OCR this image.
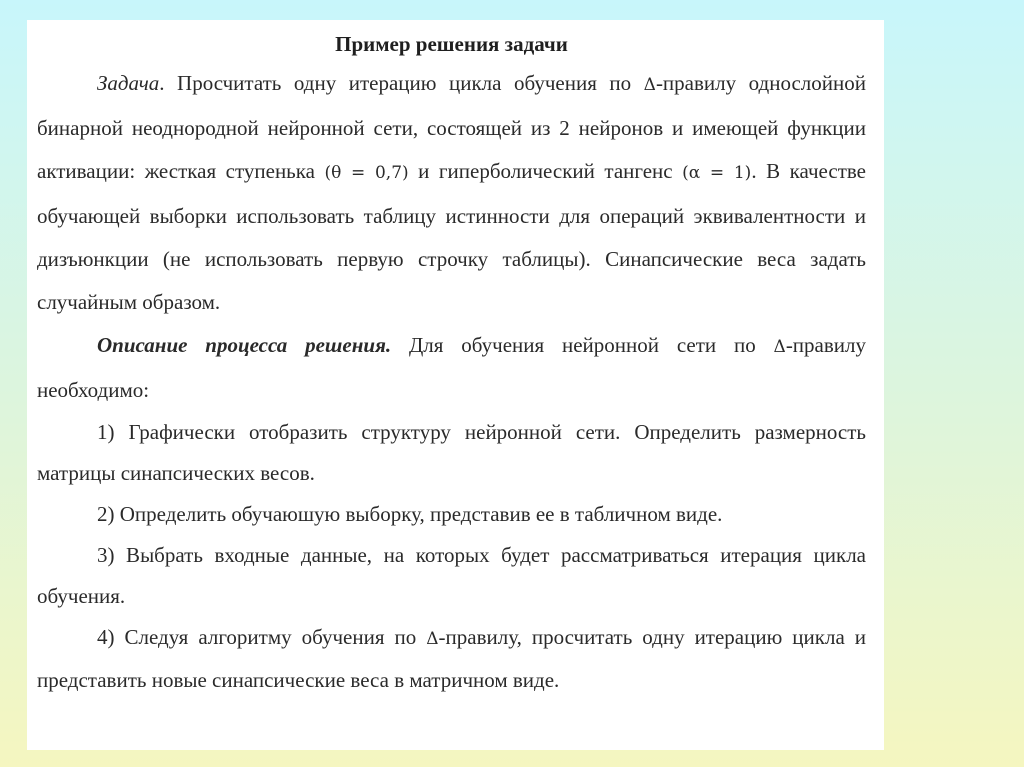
Пример решения задачи

Задача. Просчитать одну итерацию цикла обучения по Δ-правилу однослойной бинарной неоднородной нейронной сети, состоящей из 2 нейронов и имеющей функции активации: жесткая ступенька (θ = 0,7) и гиперболический тангенс (α = 1). В качестве обучающей выборки использовать таблицу истинности для операций эквивалентности и дизъюнкции (не использовать первую строчку таблицы). Синапсические веса задать случайным образом.

Описание процесса решения. Для обучения нейронной сети по Δ-правилу необходимо:

1) Графически отобразить структуру нейронной сети. Определить размерность матрицы синапсических весов.

2) Определить обучаюшую выборку, представив ее в табличном виде.

3) Выбрать входные данные, на которых будет рассматриваться итерация цикла обучения.

4) Следуя алгоритму обучения по Δ-правилу, просчитать одну итерацию цикла и представить новые синапсические веса в матричном виде.
